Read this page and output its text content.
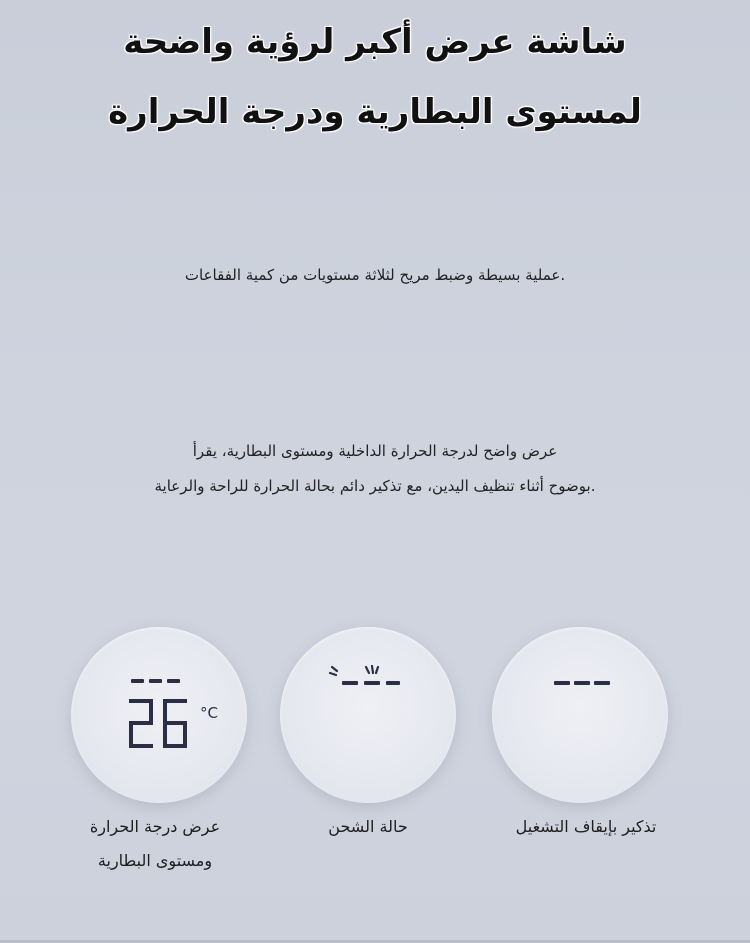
شاشة عرض أكبر لرؤية واضحة
لمستوى البطارية ودرجة الحرارة
.عملية بسيطة وضبط مريح لثلاثة مستويات من كمية الفقاعات
عرض واضح لدرجة الحرارة الداخلية ومستوى البطارية، يقرأ
.بوضوح أثناء تنظيف اليدين، مع تذكير دائم بحالة الحرارة للراحة والرعاية
°C
عرض درجة الحرارة
ومستوى البطارية
حالة الشحن	تذكير بإيقاف التشغيل
